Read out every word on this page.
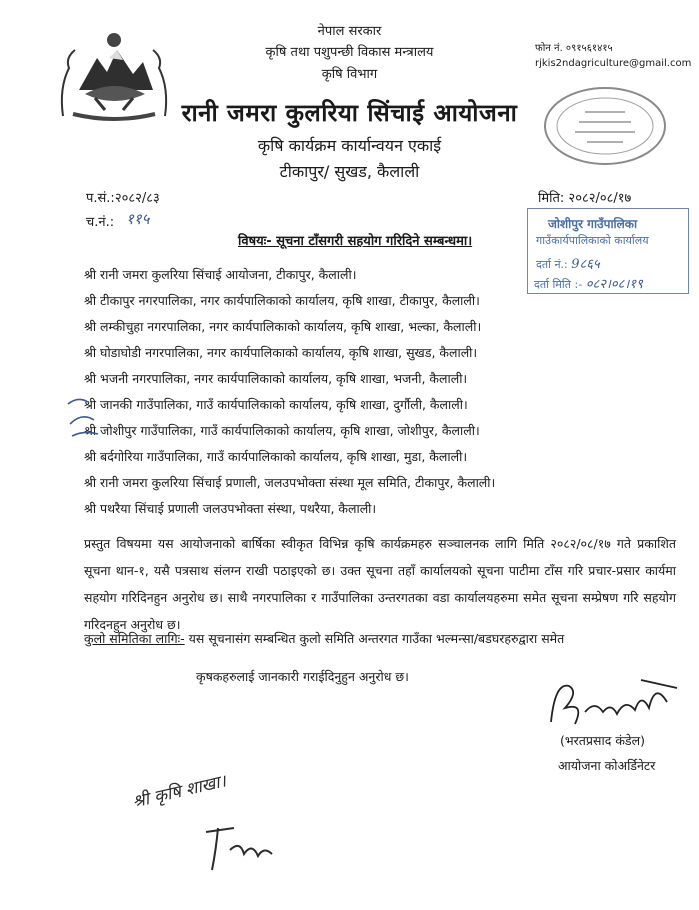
नेपाल सरकार
कृषि तथा पशुपन्छी विकास मन्त्रालय
कृषि विभाग
रानी जमरा कुलरिया सिंचाई आयोजना
कृषि कार्यक्रम कार्यान्वयन एकाई
टीकापुर/ सुखड, कैलाली
फोन नं. ०९१५६१४१५
rjkis2ndagriculture@gmail.com
प.सं.:२०८२/८३
च.नं.: ११५
मिति: २०८२/०८/१७
जोशीपुर गाउँपालिका
गाउँकार्यपालिकाको कार्यालय
दर्ता नं.: 9८६५
दर्ता मिति :- ०८२।०८।१९
विषयः- सूचना टाँसगरी सहयोग गरिदिने सम्बन्धमा।
श्री रानी जमरा कुलरिया सिंचाई आयोजना, टीकापुर, कैलाली।
श्री टीकापुर नगरपालिका, नगर कार्यपालिकाको कार्यालय, कृषि शाखा, टीकापुर, कैलाली।
श्री लम्कीचुहा नगरपालिका, नगर कार्यपालिकाको कार्यालय, कृषि शाखा, भल्का, कैलाली।
श्री घोडाघोडी नगरपालिका, नगर कार्यपालिकाको कार्यालय, कृषि शाखा, सुखड, कैलाली।
श्री भजनी नगरपालिका, नगर कार्यपालिकाको कार्यालय, कृषि शाखा, भजनी, कैलाली।
श्री जानकी गाउँपालिका, गाउँ कार्यपालिकाको कार्यालय, कृषि शाखा, दुर्गौली, कैलाली।
श्री जोशीपुर गाउँपालिका, गाउँ कार्यपालिकाको कार्यालय, कृषि शाखा, जोशीपुर, कैलाली।
श्री बर्दगोरिया गाउँपालिका, गाउँ कार्यपालिकाको कार्यालय, कृषि शाखा, मुडा, कैलाली।
श्री रानी जमरा कुलरिया सिंचाई प्रणाली, जलउपभोक्ता संस्था मूल समिति, टीकापुर, कैलाली।
श्री पथरैया सिंचाई प्रणाली जलउपभोक्ता संस्था, पथरैया, कैलाली।
प्रस्तुत विषयमा यस आयोजनाको बार्षिका स्वीकृत विभिन्न कृषि कार्यक्रमहरु सञ्चालनक लागि मिति २०८२/०८/१७ गते प्रकाशित सूचना थान-१, यसै पत्रसाथ संलग्न राखी पठाइएको छ। उक्त सूचना तहाँ कार्यालयको सूचना पाटीमा टाँस गरि प्रचार-प्रसार कार्यमा सहयोग गरिदिनहुन अनुरोध छ। साथै नगरपालिका र गाउँपालिका उन्तरगतका वडा कार्यालयहरुमा समेत सूचना सम्प्रेषण गरि सहयोग गरिदनहुन अनुरोध छ।
कुलो समितिका लागिः- यस सूचनासंग सम्बन्धित कुलो समिति अन्तरगत गाउँका भल्मन्सा/बडघरहरुद्वारा समेत
कृषकहरुलाई जानकारी गराईदिनुहुन अनुरोध छ।
(भरतप्रसाद कंडेल)
आयोजना कोअर्डिनेटर
श्री कृषि शाखा।
